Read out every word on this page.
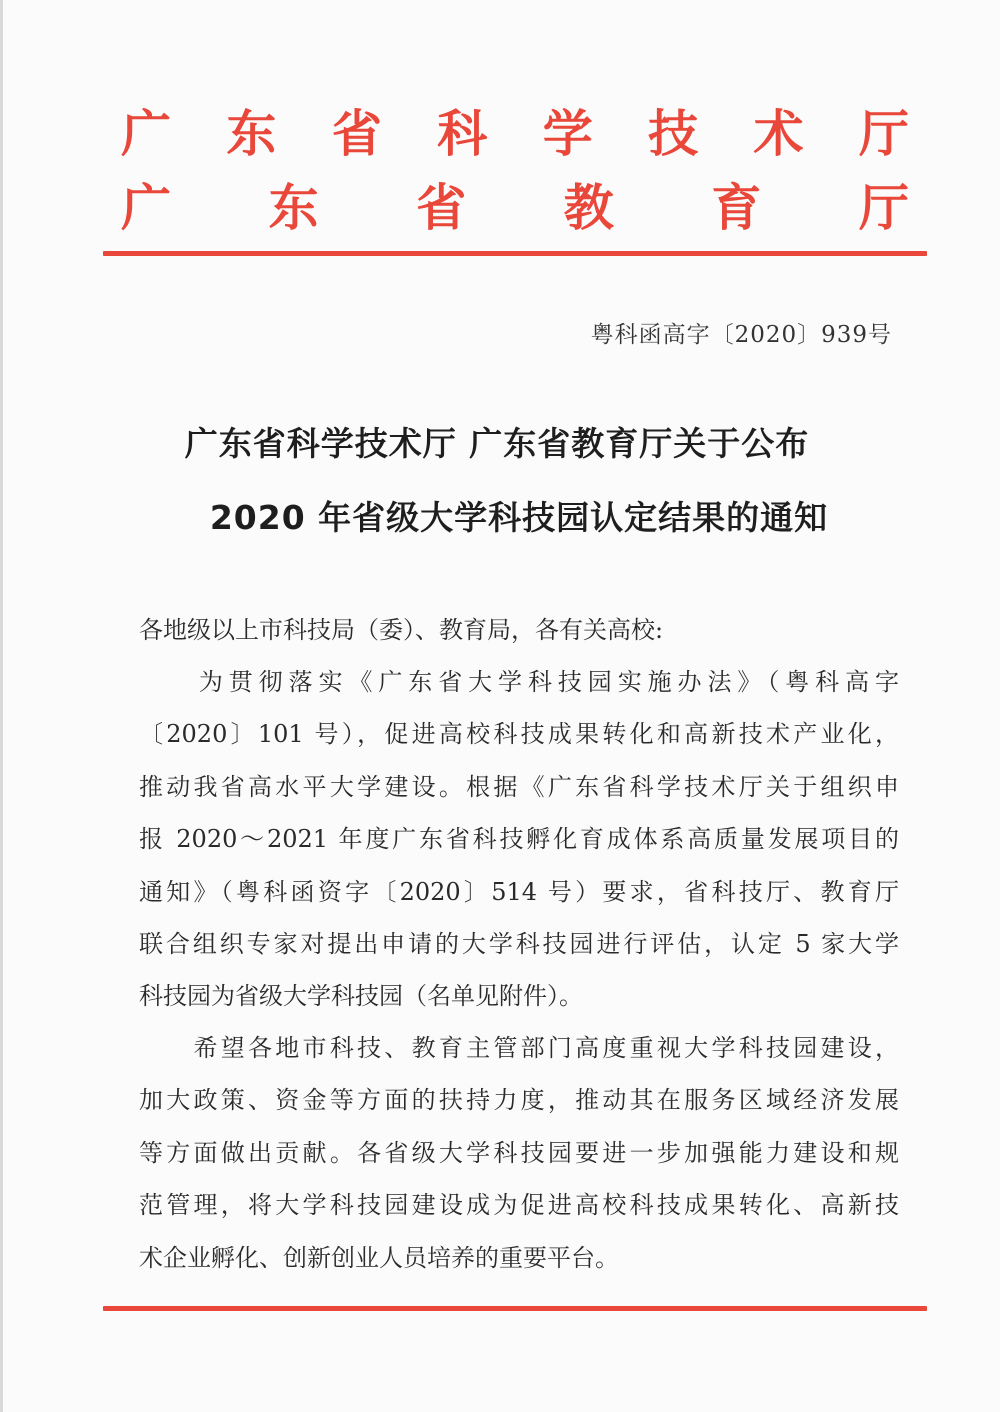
广 东 省 科 学 技 术 厅
广 东 省 教 育 厅
粤科函高字〔2020〕939号
广东省科学技术厅 广东省教育厅关于公布
2020 年省级大学科技园认定结果的通知
各地级以上市科技局（委）、教育局，各有关高校:
　　为贯彻落实《广东省大学科技园实施办法》（粤科高字
〔2020〕101 号），促进高校科技成果转化和高新技术产业化，
推动我省高水平大学建设。根据《广东省科学技术厅关于组织申
报 2020～2021 年度广东省科技孵化育成体系高质量发展项目的
通知》（粤科函资字〔2020〕514 号）要求，省科技厅、教育厅
联合组织专家对提出申请的大学科技园进行评估，认定 5 家大学
科技园为省级大学科技园（名单见附件）。
　　希望各地市科技、教育主管部门高度重视大学科技园建设，
加大政策、资金等方面的扶持力度，推动其在服务区域经济发展
等方面做出贡献。各省级大学科技园要进一步加强能力建设和规
范管理，将大学科技园建设成为促进高校科技成果转化、高新技
术企业孵化、创新创业人员培养的重要平台。
